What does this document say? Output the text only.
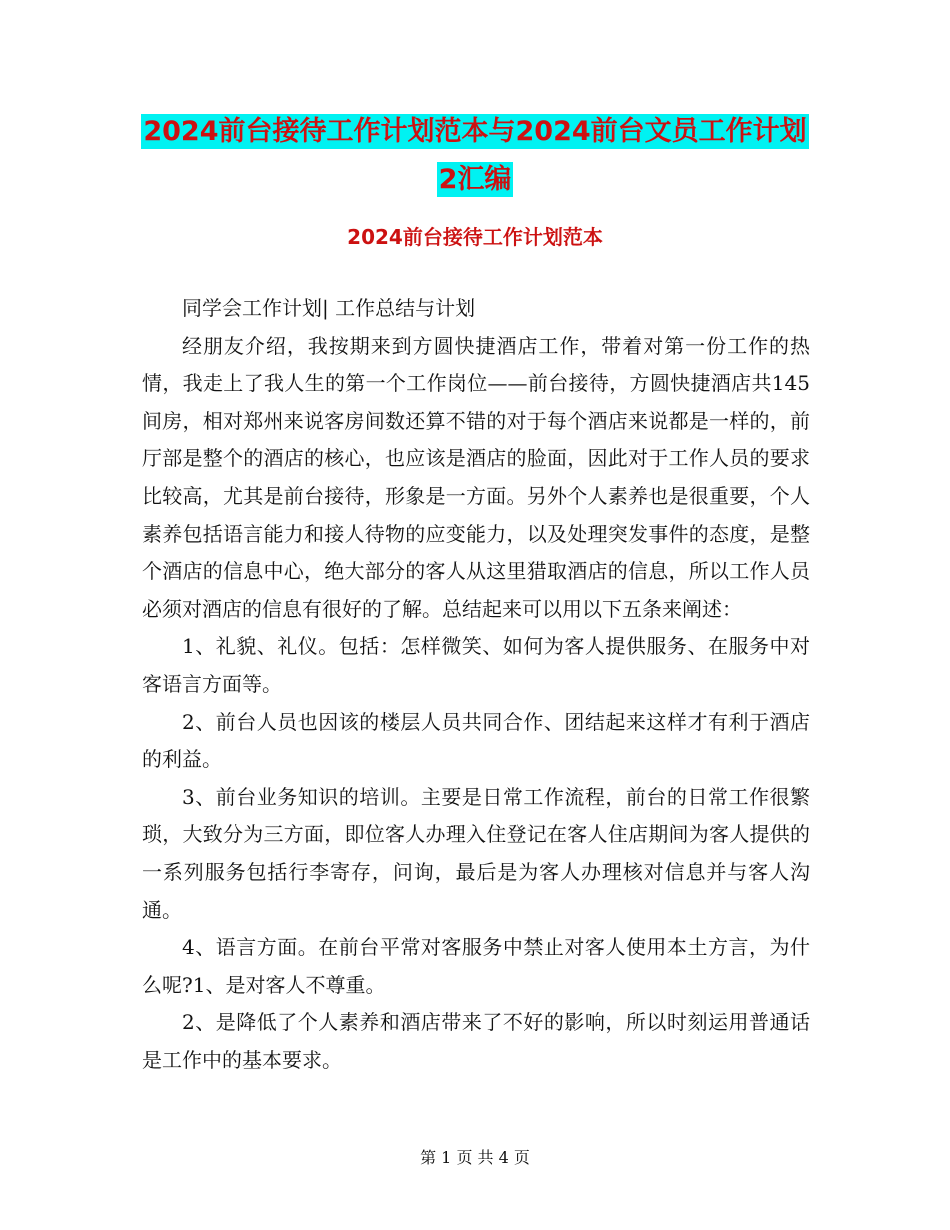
2024前台接待工作计划范本与2024前台文员工作计划
2汇编
2024前台接待工作计划范本

同学会工作计划| 工作总结与计划

经朋友介绍，我按期来到方圆快捷酒店工作，带着对第一份工作的热情，我走上了我人生的第一个工作岗位——前台接待，方圆快捷酒店共145间房，相对郑州来说客房间数还算不错的对于每个酒店来说都是一样的，前厅部是整个的酒店的核心，也应该是酒店的脸面，因此对于工作人员的要求比较高，尤其是前台接待，形象是一方面。另外个人素养也是很重要，个人素养包括语言能力和接人待物的应变能力，以及处理突发事件的态度，是整个酒店的信息中心，绝大部分的客人从这里猎取酒店的信息，所以工作人员必须对酒店的信息有很好的了解。总结起来可以用以下五条来阐述：

1、礼貌、礼仪。包括：怎样微笑、如何为客人提供服务、在服务中对客语言方面等。

2、前台人员也因该的楼层人员共同合作、团结起来这样才有利于酒店的利益。

3、前台业务知识的培训。主要是日常工作流程，前台的日常工作很繁琐，大致分为三方面，即位客人办理入住登记在客人住店期间为客人提供的一系列服务包括行李寄存，问询，最后是为客人办理核对信息并与客人沟通。

4、语言方面。在前台平常对客服务中禁止对客人使用本土方言，为什么呢?1、是对客人不尊重。

2、是降低了个人素养和酒店带来了不好的影响，所以时刻运用普通话是工作中的基本要求。

第 1 页 共 4 页
